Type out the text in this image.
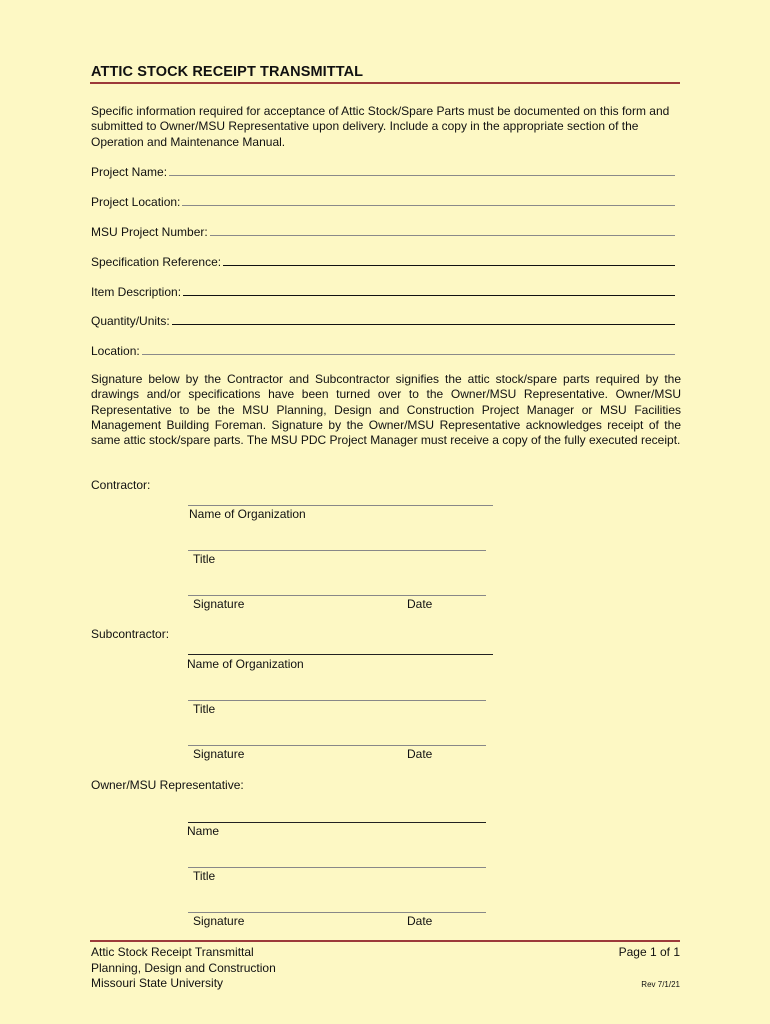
ATTIC STOCK RECEIPT TRANSMITTAL
Specific information required for acceptance of Attic Stock/Spare Parts must be documented on this form and submitted to Owner/MSU Representative upon delivery. Include a copy in the appropriate section of the Operation and Maintenance Manual.
Project Name:
Project Location:
MSU Project Number:
Specification Reference:
Item Description:
Quantity/Units:
Location:
Signature below by the Contractor and Subcontractor signifies the attic stock/spare parts required by the drawings and/or specifications have been turned over to the Owner/MSU Representative. Owner/MSU Representative to be the MSU Planning, Design and Construction Project Manager or MSU Facilities Management Building Foreman. Signature by the Owner/MSU Representative acknowledges receipt of the same attic stock/spare parts. The MSU PDC Project Manager must receive a copy of the fully executed receipt.
Contractor:
Name of Organization
Title
Signature	Date
Subcontractor:
Name of Organization
Title
Signature	Date
Owner/MSU Representative:
Name
Title
Signature	Date
Attic Stock Receipt Transmittal
Planning, Design and Construction
Missouri State University
Page 1 of 1
Rev 7/1/21
